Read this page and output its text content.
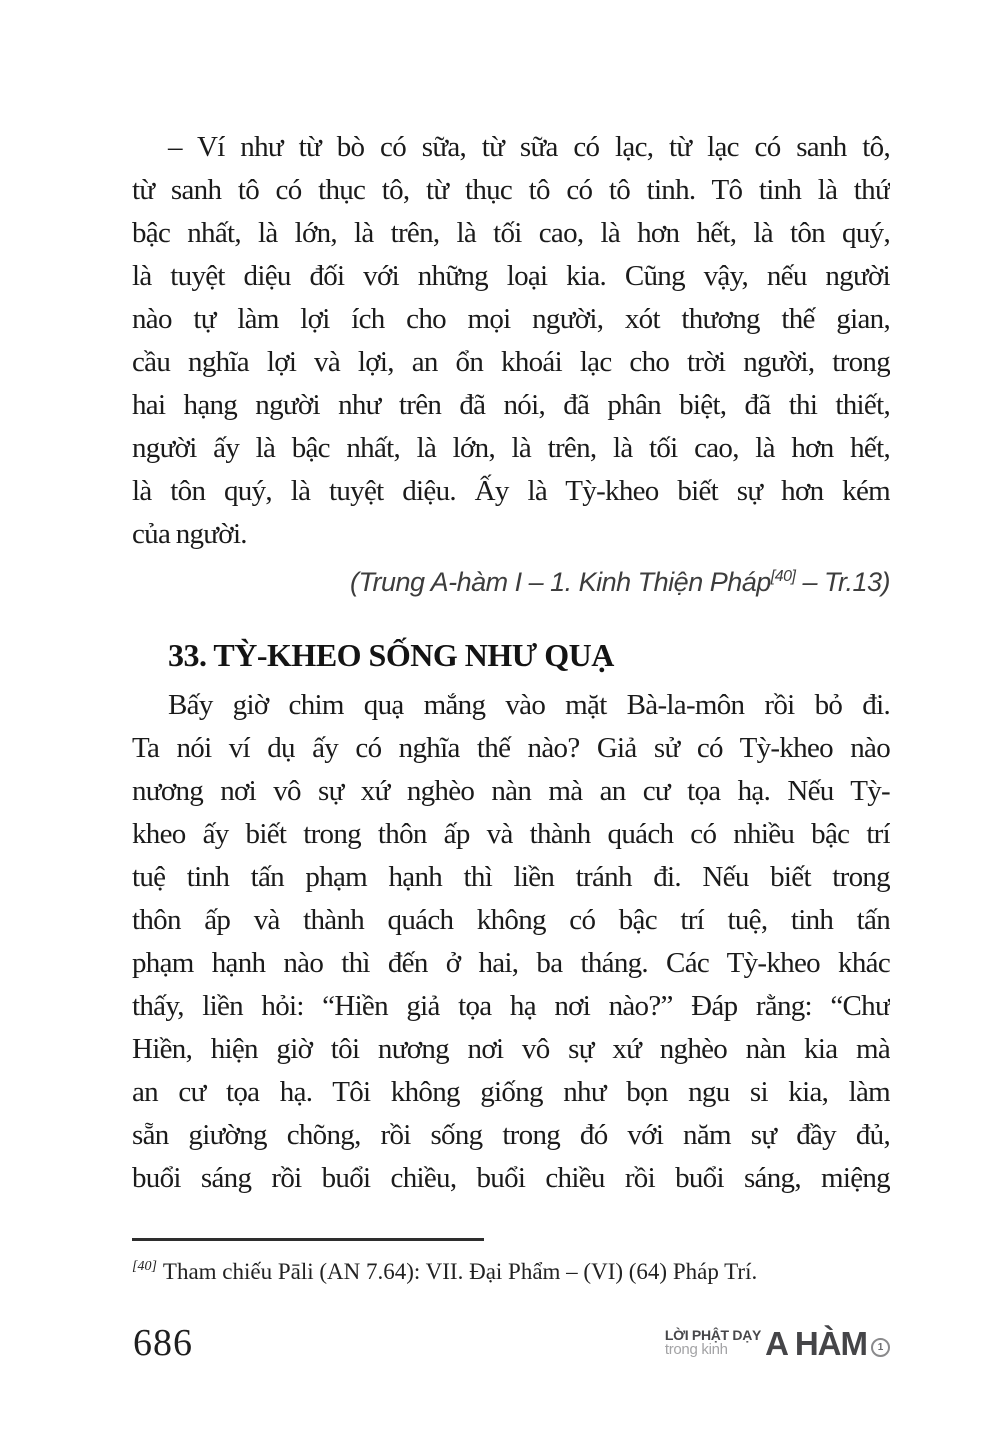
– Ví như từ bò có sữa, từ sữa có lạc, từ lạc có sanh tô,
từ sanh tô có thục tô, từ thục tô có tô tinh. Tô tinh là thứ
bậc nhất, là lớn, là trên, là tối cao, là hơn hết, là tôn quý,
là tuyệt diệu đối với những loại kia. Cũng vậy, nếu người
nào tự làm lợi ích cho mọi người, xót thương thế gian,
cầu nghĩa lợi và lợi, an ổn khoái lạc cho trời người, trong
hai hạng người như trên đã nói, đã phân biệt, đã thi thiết,
người ấy là bậc nhất, là lớn, là trên, là tối cao, là hơn hết,
là tôn quý, là tuyệt diệu. Ấy là Tỳ-kheo biết sự hơn kém
của người.
(Trung A-hàm I – 1. Kinh Thiện Pháp[40] – Tr.13)
33. TỲ-KHEO SỐNG NHƯ QUẠ
Bấy giờ chim quạ mắng vào mặt Bà-la-môn rồi bỏ đi.
Ta nói ví dụ ấy có nghĩa thế nào? Giả sử có Tỳ-kheo nào
nương nơi vô sự xứ nghèo nàn mà an cư tọa hạ. Nếu Tỳ-
kheo ấy biết trong thôn ấp và thành quách có nhiều bậc trí
tuệ tinh tấn phạm hạnh thì liền tránh đi. Nếu biết trong
thôn ấp và thành quách không có bậc trí tuệ, tinh tấn
phạm hạnh nào thì đến ở hai, ba tháng. Các Tỳ-kheo khác
thấy, liền hỏi: “Hiền giả tọa hạ nơi nào?” Đáp rằng: “Chư
Hiền, hiện giờ tôi nương nơi vô sự xứ nghèo nàn kia mà
an cư tọa hạ. Tôi không giống như bọn ngu si kia, làm
sẵn giường chõng, rồi sống trong đó với năm sự đầy đủ,
buổi sáng rồi buổi chiều, buổi chiều rồi buổi sáng, miệng
[40] Tham chiếu Pāli (AN 7.64): VII. Đại Phẩm – (VI) (64) Pháp Trí.
686	LỜI PHẬT DẠY
trong kinh A HÀM	1
